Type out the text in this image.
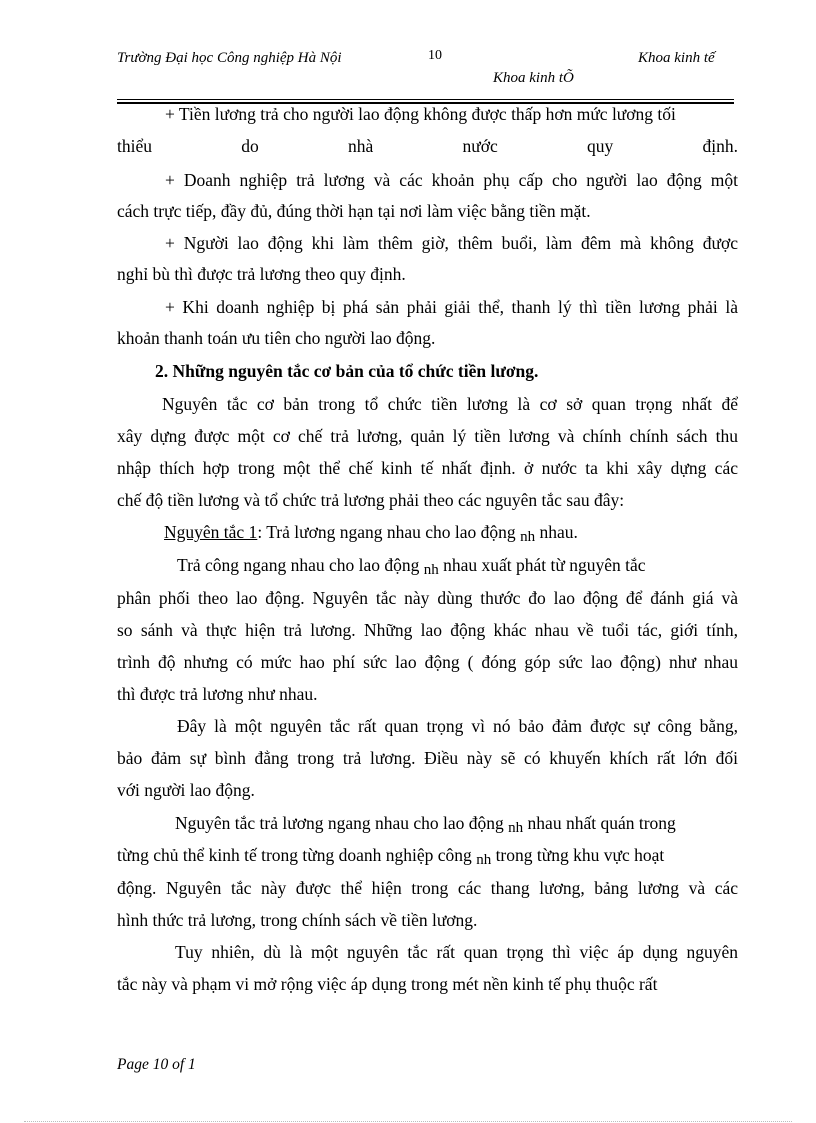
Trường Đại học Công nghiệp Hà Nội	10	Khoa kinh tế
Khoa kinh tÕ
+ Tiền lương trả cho người lao động không được thấp hơn mức lương tối
thiểu	do	nhà	nước	quy	định.
+ Doanh nghiệp trả lương và các khoản phụ cấp cho người lao động một
cách trực tiếp, đầy đủ, đúng thời hạn tại nơi làm việc bằng tiền mặt.
+ Người lao động khi làm thêm giờ, thêm buổi, làm đêm mà không được
nghỉ bù thì được trả lương theo quy định.
+ Khi doanh nghiệp bị phá sản phải giải thể, thanh lý thì tiền lương phải là
khoản thanh toán ưu tiên cho người lao động.
2. Những nguyên tắc cơ bản của tổ chức tiền lương.
Nguyên tắc cơ bản trong tổ chức tiền lương là cơ sở quan trọng nhất để
xây dựng được một cơ chế trả lương, quản lý tiền lương và chính chính sách thu
nhập thích hợp trong một thể chế kinh tế nhất định. ở nước ta khi xây dựng các
chế độ tiền lương và tổ chức trả lương phải theo các nguyên tắc sau đây:
Nguyên tắc 1: Trả lương ngang nhau cho lao động nh nhau.
Trả công ngang nhau cho lao động nh nhau xuất phát từ nguyên tắc
phân phối theo lao động. Nguyên tắc này dùng thước đo lao động để đánh giá và
so sánh và thực hiện trả lương. Những lao động khác nhau về tuổi tác, giới tính,
trình độ nhưng có mức hao phí sức lao động ( đóng góp sức lao động) như nhau
thì được trả lương như nhau.
Đây là một nguyên tắc rất quan trọng vì nó bảo đảm được sự công bằng,
bảo đảm sự bình đẳng trong trả lương. Điều này sẽ có khuyến khích rất lớn đối
với người lao động.
Nguyên tắc trả lương ngang nhau cho lao động nh nhau nhất quán trong
từng chủ thể kinh tế trong từng doanh nghiệp công nh trong từng khu vực hoạt
động. Nguyên tắc này được thể hiện trong các thang lương, bảng lương và các
hình thức trả lương, trong chính sách về tiền lương.
Tuy nhiên, dù là một nguyên tắc rất quan trọng thì việc áp dụng nguyên
tắc này và phạm vi mở rộng việc áp dụng trong mét nền kinh tế phụ thuộc rất
Page 10 of 1
